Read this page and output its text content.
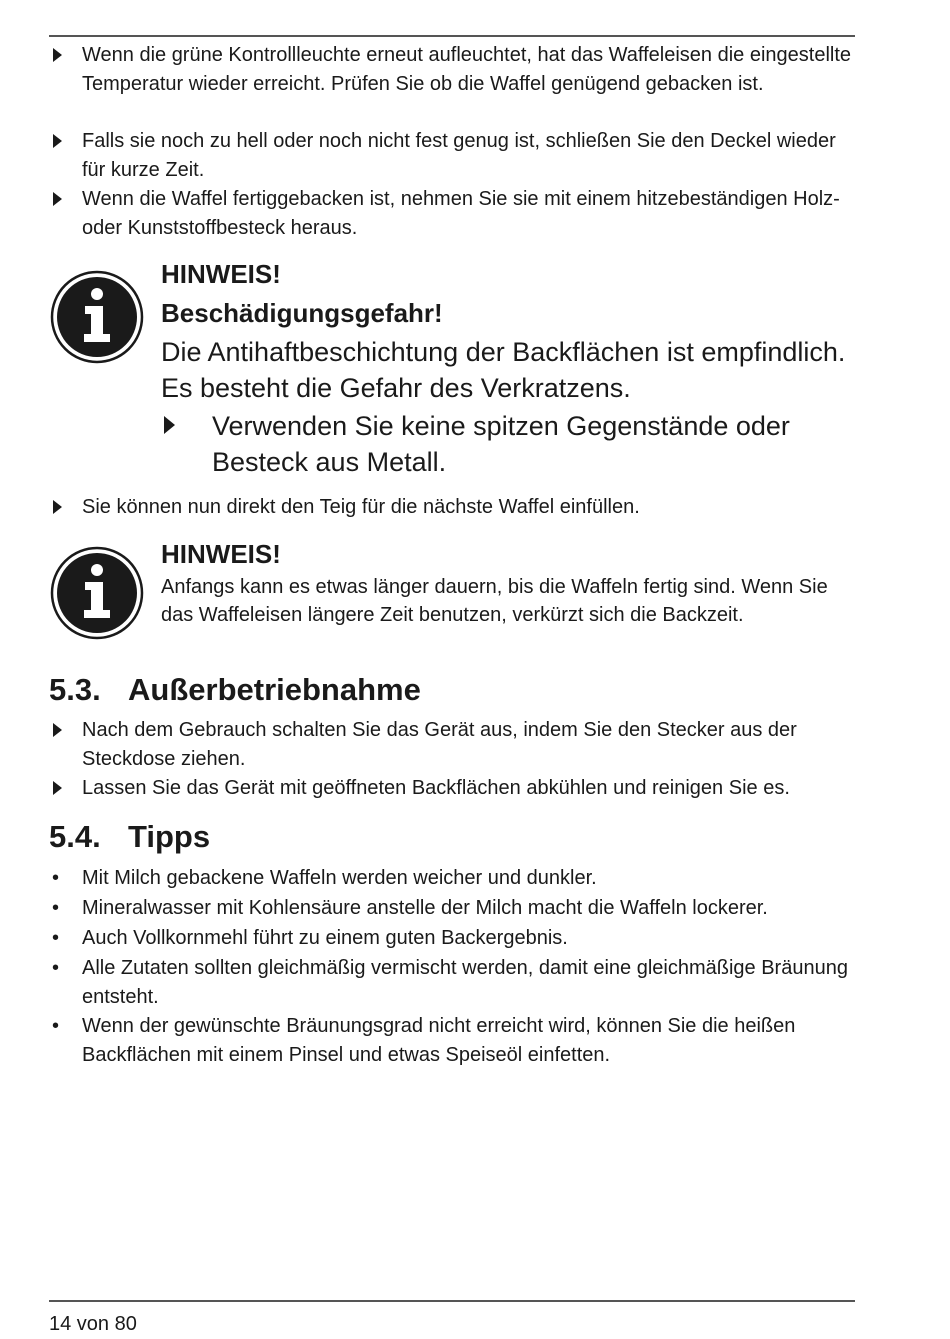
Wenn die grüne Kontrollleuchte erneut aufleuchtet, hat das Waffeleisen die eingestellte Temperatur wieder erreicht. Prüfen Sie ob die Waffel genügend gebacken ist.
Falls sie noch zu hell oder noch nicht fest genug ist, schließen Sie den Deckel wieder für kurze Zeit.
Wenn die Waffel fertiggebacken ist, nehmen Sie sie mit einem hitzebeständigen Holz- oder Kunststoffbesteck heraus.
HINWEIS!
Beschädigungsgefahr!
Die Antihaftbeschichtung der Backflächen ist empfindlich. Es besteht die Gefahr des Verkratzens.
Verwenden Sie keine spitzen Gegenstände oder Besteck aus Metall.
Sie können nun direkt den Teig für die nächste Waffel einfüllen.
HINWEIS!
Anfangs kann es etwas länger dauern, bis die Waffeln fertig sind. Wenn Sie das Waffeleisen längere Zeit benutzen, verkürzt sich die Backzeit.
5.3. Außerbetriebnahme
Nach dem Gebrauch schalten Sie das Gerät aus, indem Sie den Stecker aus der Steckdose ziehen.
Lassen Sie das Gerät mit geöffneten Backflächen abkühlen und reinigen Sie es.
5.4. Tipps
• Mit Milch gebackene Waffeln werden weicher und dunkler.
• Mineralwasser mit Kohlensäure anstelle der Milch macht die Waffeln lockerer.
• Auch Vollkornmehl führt zu einem guten Backergebnis.
• Alle Zutaten sollten gleichmäßig vermischt werden, damit eine gleichmäßige Bräunung entsteht.
• Wenn der gewünschte Bräunungsgrad nicht erreicht wird, können Sie die heißen Backflächen mit einem Pinsel und etwas Speiseöl einfetten.
14 von 80
